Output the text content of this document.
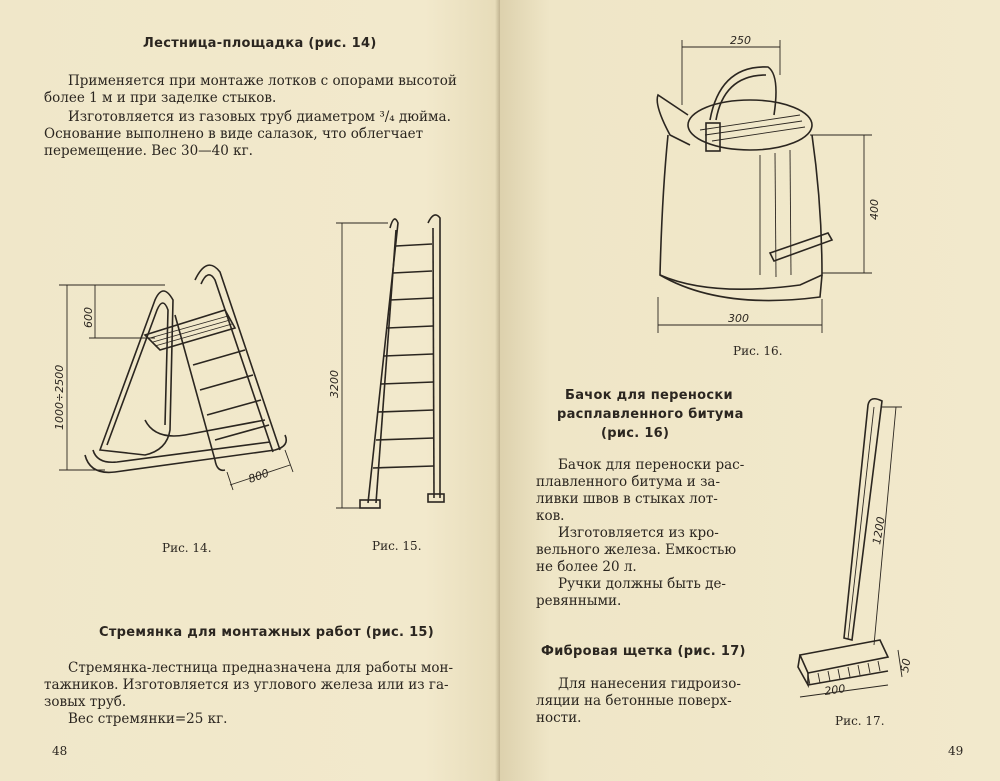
Лестница-площадка (рис. 14)
Применяется при монтаже лотков с опорами высотой
более 1 м и при заделке стыков.
Изготовляется из газовых труб диаметром ³/₄ дюйма.
Основание выполнено в виде салазок, что облегчает
перемещение. Вес 30—40 кг.
1000÷2500
600
800
Рис. 14.
3200
Рис. 15.
Стремянка для монтажных работ (рис. 15)
Стремянка-лестница предназначена для работы мон-
тажников. Изготовляется из углового железа или из га-
зовых труб.
Вес стремянки=25 кг.
48
250
400
300
Рис. 16.
Бачок для переноски
расплавленного битума
(рис. 16)
Бачок для переноски рас-
плавленного битума и за-
ливки швов в стыках лот-
ков.
Изготовляется из кро-
вельного железа. Емкостью
не более 20 л.
Ручки должны быть де-
ревянными.
Фибровая щетка (рис. 17)
Для нанесения гидроизо-
ляции на бетонные поверх-
ности.
1200
50
200
Рис. 17.
49
